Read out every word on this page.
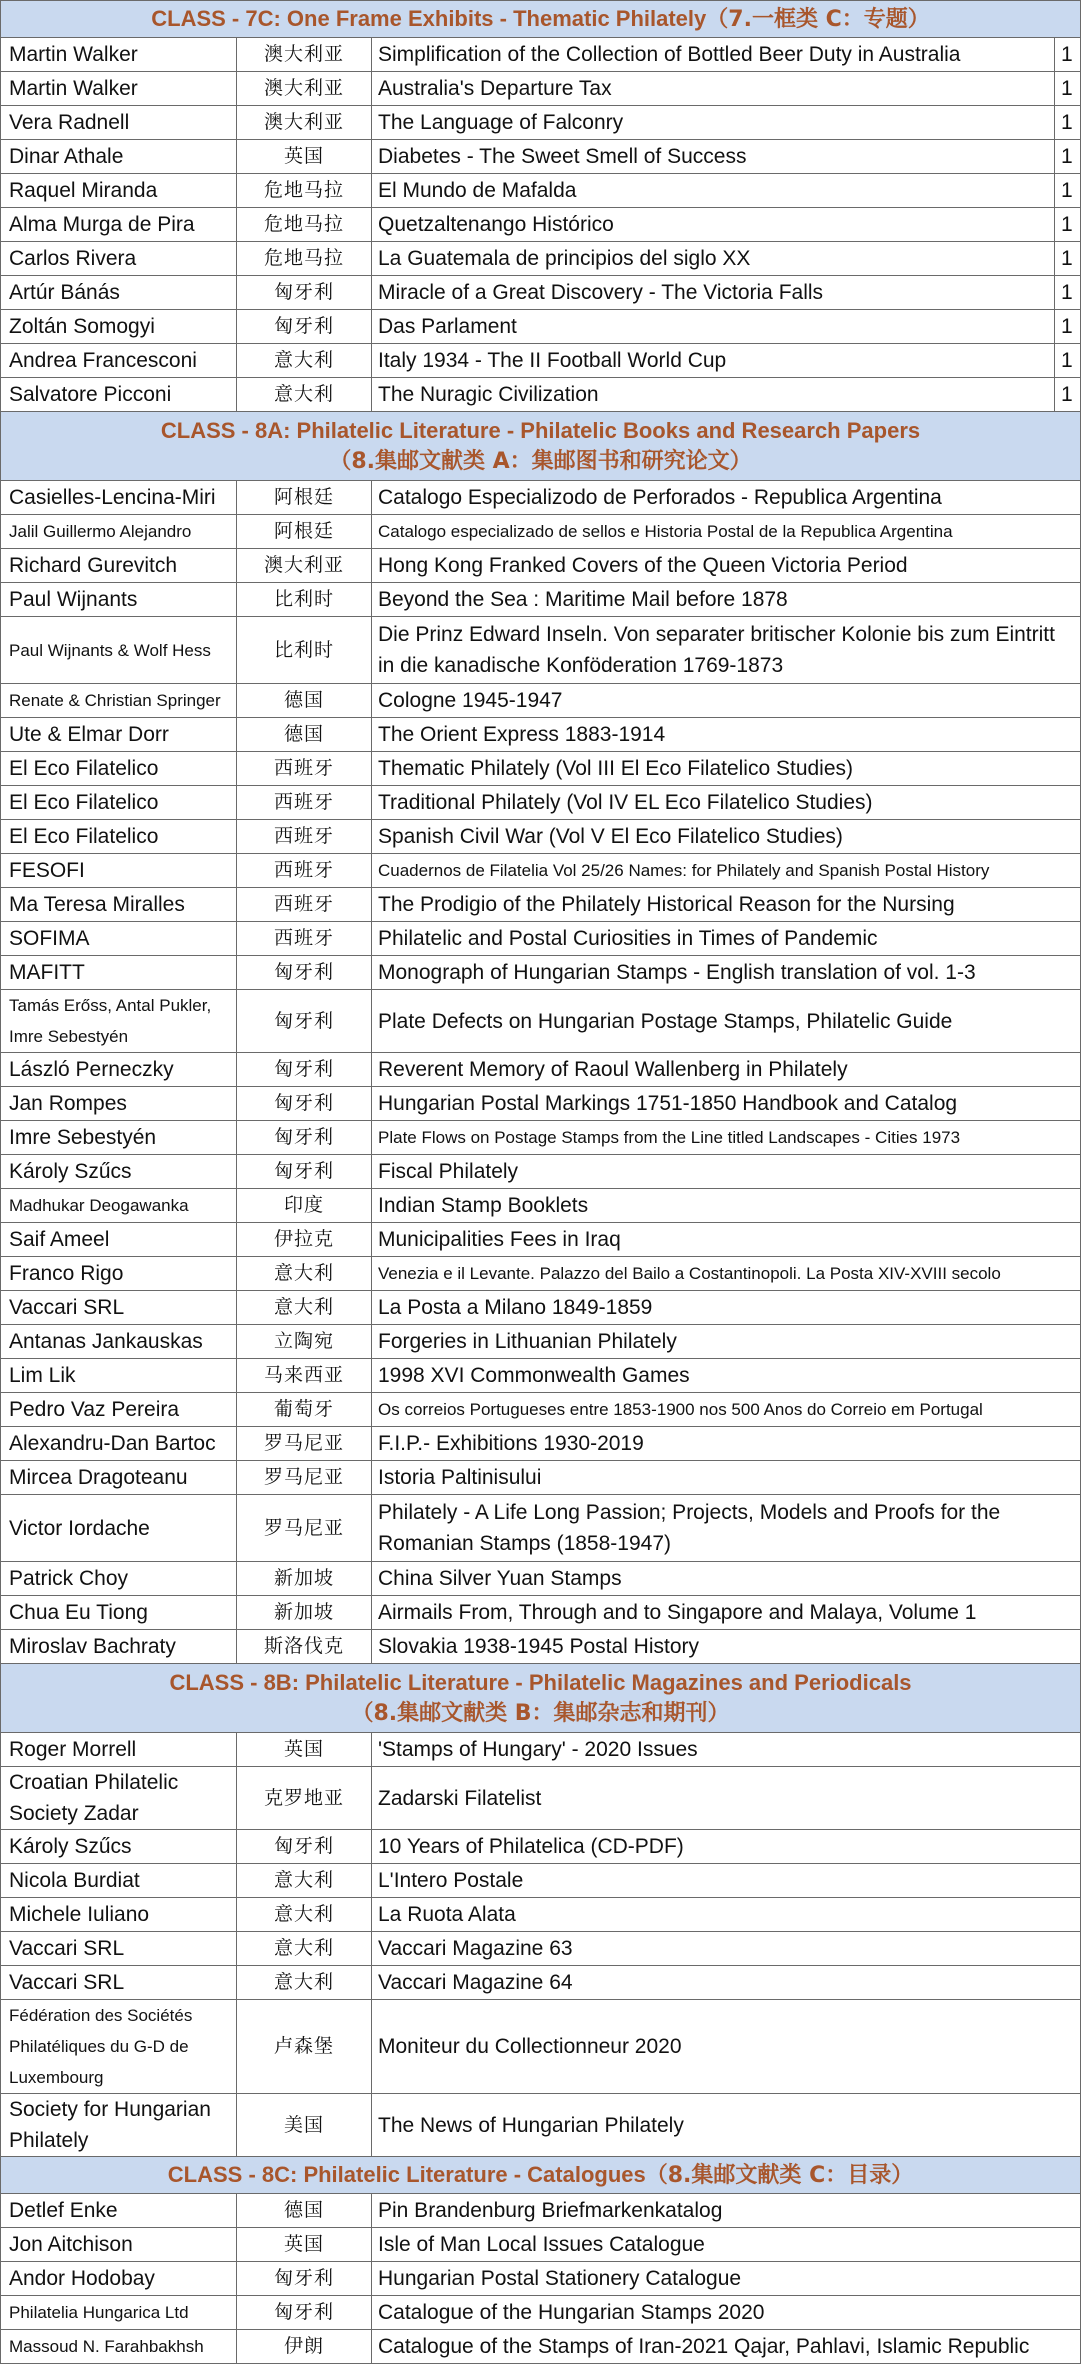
CLASS - 7C: One Frame Exhibits - Thematic Philately（7.一框类 C：专题）			
Martin Walker	澳大利亚	Simplification of the Collection of Bottled Beer Duty in Australia	1
Martin Walker	澳大利亚	Australia's Departure Tax	1
Vera Radnell	澳大利亚	The Language of Falconry	1
Dinar Athale	英国	Diabetes - The Sweet Smell of Success	1
Raquel Miranda	危地马拉	El Mundo de Mafalda	1
Alma Murga de Pira	危地马拉	Quetzaltenango Histórico	1
Carlos Rivera	危地马拉	La Guatemala de principios del siglo XX	1
Artúr Bánás	匈牙利	Miracle of a Great Discovery - The Victoria Falls	1
Zoltán Somogyi	匈牙利	Das Parlament	1
Andrea Francesconi	意大利	Italy 1934 - The II Football World Cup	1
Salvatore Picconi	意大利	The Nuragic Civilization	1
CLASS - 8A: Philatelic Literature - Philatelic Books and Research Papers
（8.集邮文献类 A：集邮图书和研究论文）			
Casielles-Lencina-Miri	阿根廷	Catalogo Especializodo de Perforados - Republica Argentina	
Jalil Guillermo Alejandro	阿根廷	Catalogo especializado de sellos e Historia Postal de la Republica Argentina	
Richard Gurevitch	澳大利亚	Hong Kong Franked Covers of the Queen Victoria Period	
Paul Wijnants	比利时	Beyond the Sea : Maritime Mail before 1878	
Paul Wijnants & Wolf Hess	比利时	Die Prinz Edward Inseln. Von separater britischer Kolonie bis zum Eintritt in die kanadische Konföderation 1769-1873	
Renate & Christian Springer	德国	Cologne 1945-1947	
Ute & Elmar Dorr	德国	The Orient Express 1883-1914	
El Eco Filatelico	西班牙	Thematic Philately (Vol III El Eco Filatelico Studies)	
El Eco Filatelico	西班牙	Traditional Philately (Vol IV EL Eco Filatelico Studies)	
El Eco Filatelico	西班牙	Spanish Civil War (Vol V El Eco Filatelico Studies)	
FESOFI	西班牙	Cuadernos de Filatelia Vol 25/26 Names: for Philately and Spanish Postal History	
Ma Teresa Miralles	西班牙	The Prodigio of the Philately Historical Reason for the Nursing	
SOFIMA	西班牙	Philatelic and Postal Curiosities in Times of Pandemic	
MAFITT	匈牙利	Monograph of Hungarian Stamps - English translation of vol. 1-3	
Tamás Erőss, Antal Pukler, Imre Sebestyén	匈牙利	Plate Defects on Hungarian Postage Stamps, Philatelic Guide	
László Perneczky	匈牙利	Reverent Memory of Raoul Wallenberg in Philately	
Jan Rompes	匈牙利	Hungarian Postal Markings 1751-1850 Handbook and Catalog	
Imre Sebestyén	匈牙利	Plate Flows on Postage Stamps from the Line titled Landscapes - Cities 1973	
Károly Szűcs	匈牙利	Fiscal Philately	
Madhukar Deogawanka	印度	Indian Stamp Booklets	
Saif Ameel	伊拉克	Municipalities Fees in Iraq	
Franco Rigo	意大利	Venezia e il Levante. Palazzo del Bailo a Costantinopoli. La Posta XIV-XVIII secolo	
Vaccari SRL	意大利	La Posta a Milano 1849-1859	
Antanas Jankauskas	立陶宛	Forgeries in Lithuanian Philately	
Lim Lik	马来西亚	1998 XVI Commonwealth Games	
Pedro Vaz Pereira	葡萄牙	Os correios Portugueses entre 1853-1900 nos 500 Anos do Correio em Portugal	
Alexandru-Dan Bartoc	罗马尼亚	F.I.P.- Exhibitions 1930-2019	
Mircea Dragoteanu	罗马尼亚	Istoria Paltinisului	
Victor Iordache	罗马尼亚	Philately - A Life Long Passion; Projects, Models and Proofs for the Romanian Stamps (1858-1947)	
Patrick Choy	新加坡	China Silver Yuan Stamps	
Chua Eu Tiong	新加坡	Airmails From, Through and to Singapore and Malaya, Volume 1	
Miroslav Bachraty	斯洛伐克	Slovakia 1938-1945 Postal History	
CLASS - 8B: Philatelic Literature - Philatelic Magazines and Periodicals
（8.集邮文献类 B：集邮杂志和期刊）			
Roger Morrell	英国	'Stamps of Hungary' - 2020 Issues	
Croatian Philatelic Society Zadar	克罗地亚	Zadarski Filatelist	
Károly Szűcs	匈牙利	10 Years of Philatelica (CD-PDF)	
Nicola Burdiat	意大利	L'Intero Postale	
Michele Iuliano	意大利	La Ruota Alata	
Vaccari SRL	意大利	Vaccari Magazine 63	
Vaccari SRL	意大利	Vaccari Magazine 64	
Fédération des Sociétés Philatéliques du G-D de Luxembourg	卢森堡	Moniteur du Collectionneur 2020	
Society for Hungarian Philately	美国	The News of Hungarian Philately	
CLASS - 8C: Philatelic Literature - Catalogues（8.集邮文献类 C：目录）			
Detlef Enke	德国	Pin Brandenburg Briefmarkenkatalog	
Jon Aitchison	英国	Isle of Man Local Issues Catalogue	
Andor Hodobay	匈牙利	Hungarian Postal Stationery Catalogue	
Philatelia Hungarica Ltd	匈牙利	Catalogue of the Hungarian Stamps 2020	
Massoud N. Farahbakhsh	伊朗	Catalogue of the Stamps of Iran-2021 Qajar, Pahlavi, Islamic Republic	
